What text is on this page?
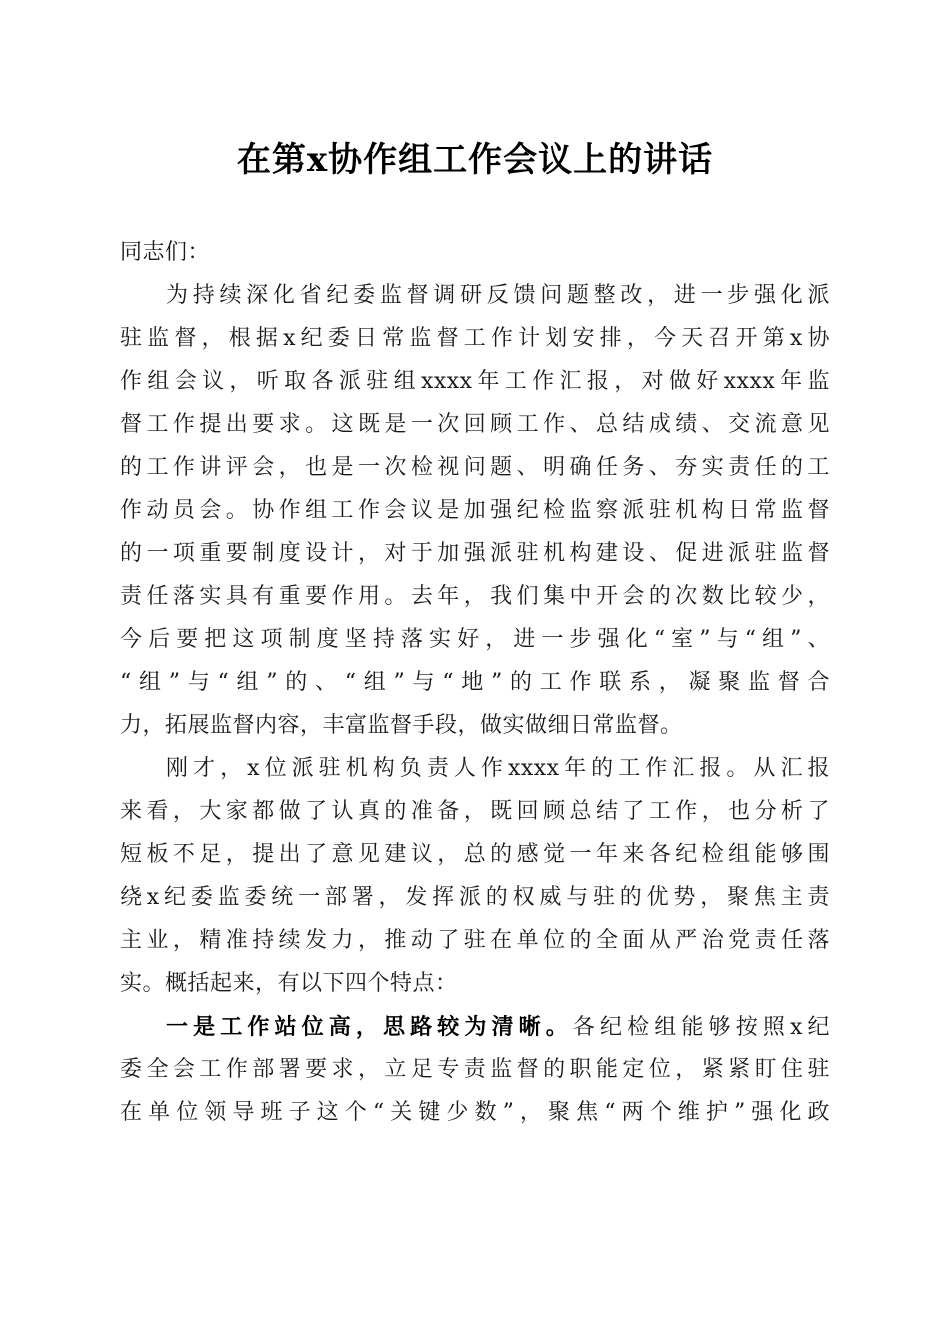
在第x协作组工作会议上的讲话
同志们：
为持续深化省纪委监督调研反馈问题整改，进一步强化派
驻监督，根据x纪委日常监督工作计划安排，今天召开第x协
作组会议，听取各派驻组xxxx年工作汇报，对做好xxxx年监
督工作提出要求。这既是一次回顾工作、总结成绩、交流意见
的工作讲评会，也是一次检视问题、明确任务、夯实责任的工
作动员会。协作组工作会议是加强纪检监察派驻机构日常监督
的一项重要制度设计，对于加强派驻机构建设、促进派驻监督
责任落实具有重要作用。去年，我们集中开会的次数比较少，
今后要把这项制度坚持落实好，进一步强化“室”与“组”、
“组”与“组”的、“组”与“地”的工作联系，凝聚监督合
力，拓展监督内容，丰富监督手段，做实做细日常监督。
刚才，x位派驻机构负责人作xxxx年的工作汇报。从汇报
来看，大家都做了认真的准备，既回顾总结了工作，也分析了
短板不足，提出了意见建议，总的感觉一年来各纪检组能够围
绕x纪委监委统一部署，发挥派的权威与驻的优势，聚焦主责
主业，精准持续发力，推动了驻在单位的全面从严治党责任落
实。概括起来，有以下四个特点：
一是工作站位高，思路较为清晰。各纪检组能够按照x纪
委全会工作部署要求，立足专责监督的职能定位，紧紧盯住驻
在单位领导班子这个“关键少数”，聚焦“两个维护”强化政
